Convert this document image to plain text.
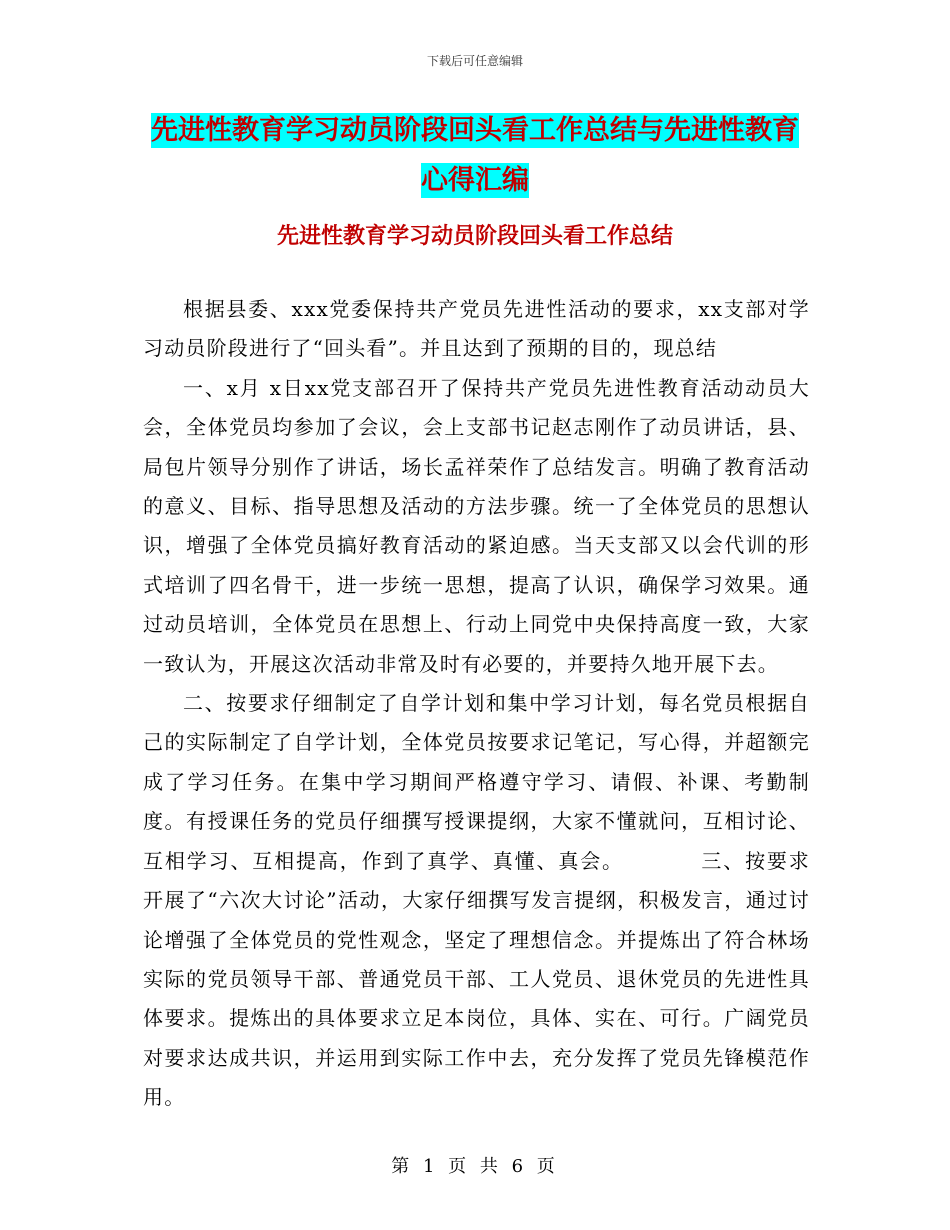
下载后可任意编辑

先进性教育学习动员阶段回头看工作总结与先进性教育心得汇编
先进性教育学习动员阶段回头看工作总结

根据县委、xxx党委保持共产党员先进性活动的要求，xx支部对学习动员阶段进行了“回头看”。并且达到了预期的目的，现总结

一、x月 x日xx党支部召开了保持共产党员先进性教育活动动员大会，全体党员均参加了会议，会上支部书记赵志刚作了动员讲话，县、局包片领导分别作了讲话，场长孟祥荣作了总结发言。明确了教育活动的意义、目标、指导思想及活动的方法步骤。统一了全体党员的思想认识，增强了全体党员搞好教育活动的紧迫感。当天支部又以会代训的形式培训了四名骨干，进一步统一思想，提高了认识，确保学习效果。通过动员培训，全体党员在思想上、行动上同党中央保持高度一致，大家一致认为，开展这次活动非常及时有必要的，并要持久地开展下去。

二、按要求仔细制定了自学计划和集中学习计划，每名党员根据自己的实际制定了自学计划，全体党员按要求记笔记，写心得，并超额完成了学习任务。在集中学习期间严格遵守学习、请假、补课、考勤制度。有授课任务的党员仔细撰写授课提纲，大家不懂就问，互相讨论、互相学习、互相提高，作到了真学、真懂、真会。　　　　三、按要求开展了“六次大讨论”活动，大家仔细撰写发言提纲，积极发言，通过讨论增强了全体党员的党性观念，坚定了理想信念。并提炼出了符合林场实际的党员领导干部、普通党员干部、工人党员、退休党员的先进性具体要求。提炼出的具体要求立足本岗位，具体、实在、可行。广阔党员对要求达成共识，并运用到实际工作中去，充分发挥了党员先锋模范作用。

第 1 页 共 6 页
